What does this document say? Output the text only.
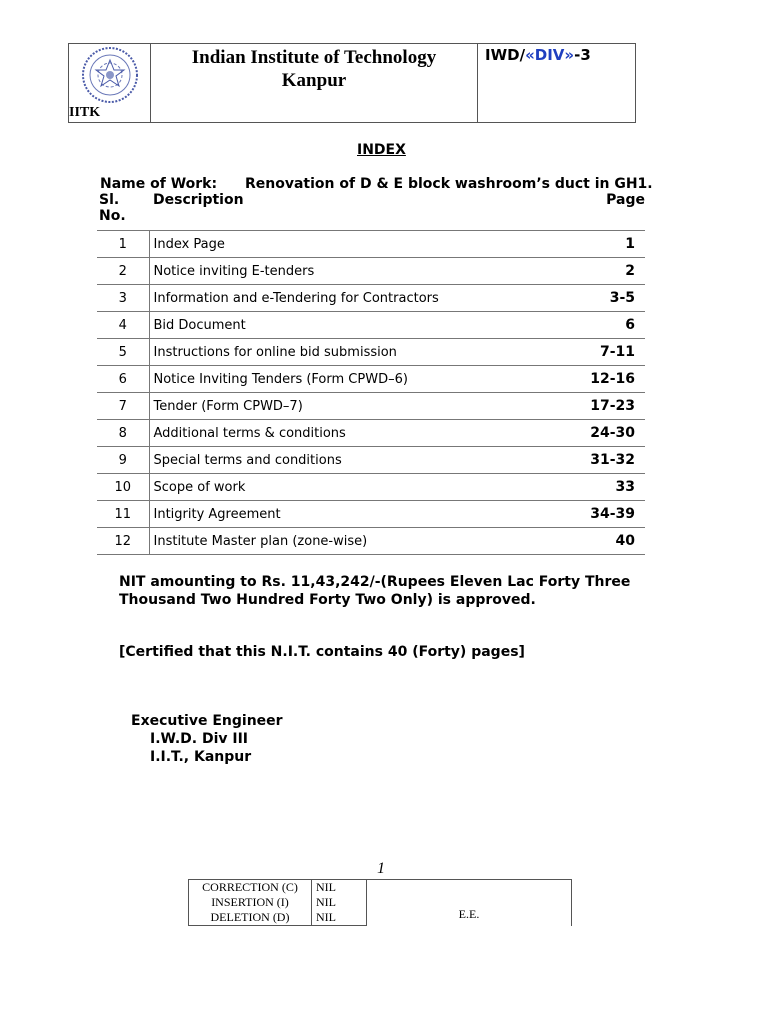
IITK
Indian Institute of Technology Kanpur
IWD/«DIV»-3
INDEX
Name of Work: Renovation of D & E block washroom’s duct in GH1.
Sl. No.	Description	Page
1	Index Page	1
2	Notice inviting E-tenders	2
3	Information and e-Tendering for Contractors	3-5
4	Bid Document	6
5	Instructions for online bid submission	7-11
6	Notice Inviting Tenders (Form CPWD–6)	12-16
7	Tender (Form CPWD–7)	17-23
8	Additional terms & conditions	24-30
9	Special terms and conditions	31-32
10	Scope of work	33
11	Intigrity Agreement	34-39
12	Institute Master plan (zone-wise)	40
NIT amounting to Rs. 11,43,242/-(Rupees Eleven Lac Forty Three Thousand Two Hundred Forty Two Only) is approved.
[Certified that this N.I.T. contains 40 (Forty) pages]
Executive Engineer
I.W.D. Div III
I.I.T., Kanpur
1
CORRECTION (C)	NIL	E.E.
INSERTION (I)	NIL	
DELETION (D)	NIL	
